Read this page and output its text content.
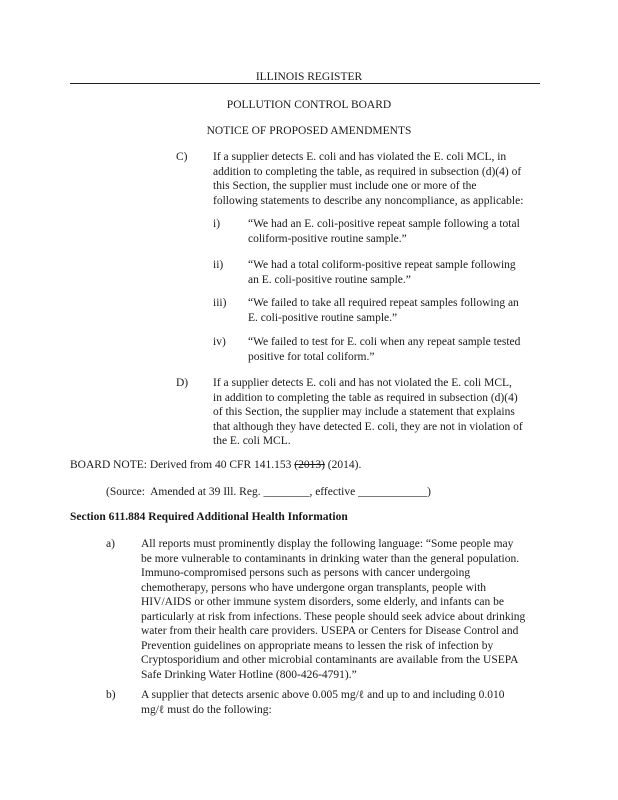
ILLINOIS REGISTER
POLLUTION CONTROL BOARD
NOTICE OF PROPOSED AMENDMENTS
C) If a supplier detects E. coli and has violated the E. coli MCL, in
addition to completing the table, as required in subsection (d)(4) of
this Section, the supplier must include one or more of the
following statements to describe any noncompliance, as applicable:
i) “We had an E. coli-positive repeat sample following a total
coliform-positive routine sample.”
ii) “We had a total coliform-positive repeat sample following
an E. coli-positive routine sample.”
iii) “We failed to take all required repeat samples following an
E. coli-positive routine sample.”
iv) “We failed to test for E. coli when any repeat sample tested
positive for total coliform.”
D) If a supplier detects E. coli and has not violated the E. coli MCL,
in addition to completing the table as required in subsection (d)(4)
of this Section, the supplier may include a statement that explains
that although they have detected E. coli, they are not in violation of
the E. coli MCL.
BOARD NOTE: Derived from 40 CFR 141.153 (2013) (2014).
(Source:  Amended at 39 Ill. Reg. ________, effective ____________)
Section 611.884 Required Additional Health Information
a) All reports must prominently display the following language: “Some people may
be more vulnerable to contaminants in drinking water than the general population.
Immuno-compromised persons such as persons with cancer undergoing
chemotherapy, persons who have undergone organ transplants, people with
HIV/AIDS or other immune system disorders, some elderly, and infants can be
particularly at risk from infections. These people should seek advice about drinking
water from their health care providers. USEPA or Centers for Disease Control and
Prevention guidelines on appropriate means to lessen the risk of infection by
Cryptosporidium and other microbial contaminants are available from the USEPA
Safe Drinking Water Hotline (800-426-4791).”
b) A supplier that detects arsenic above 0.005 mg/ℓ and up to and including 0.010
mg/ℓ must do the following:
